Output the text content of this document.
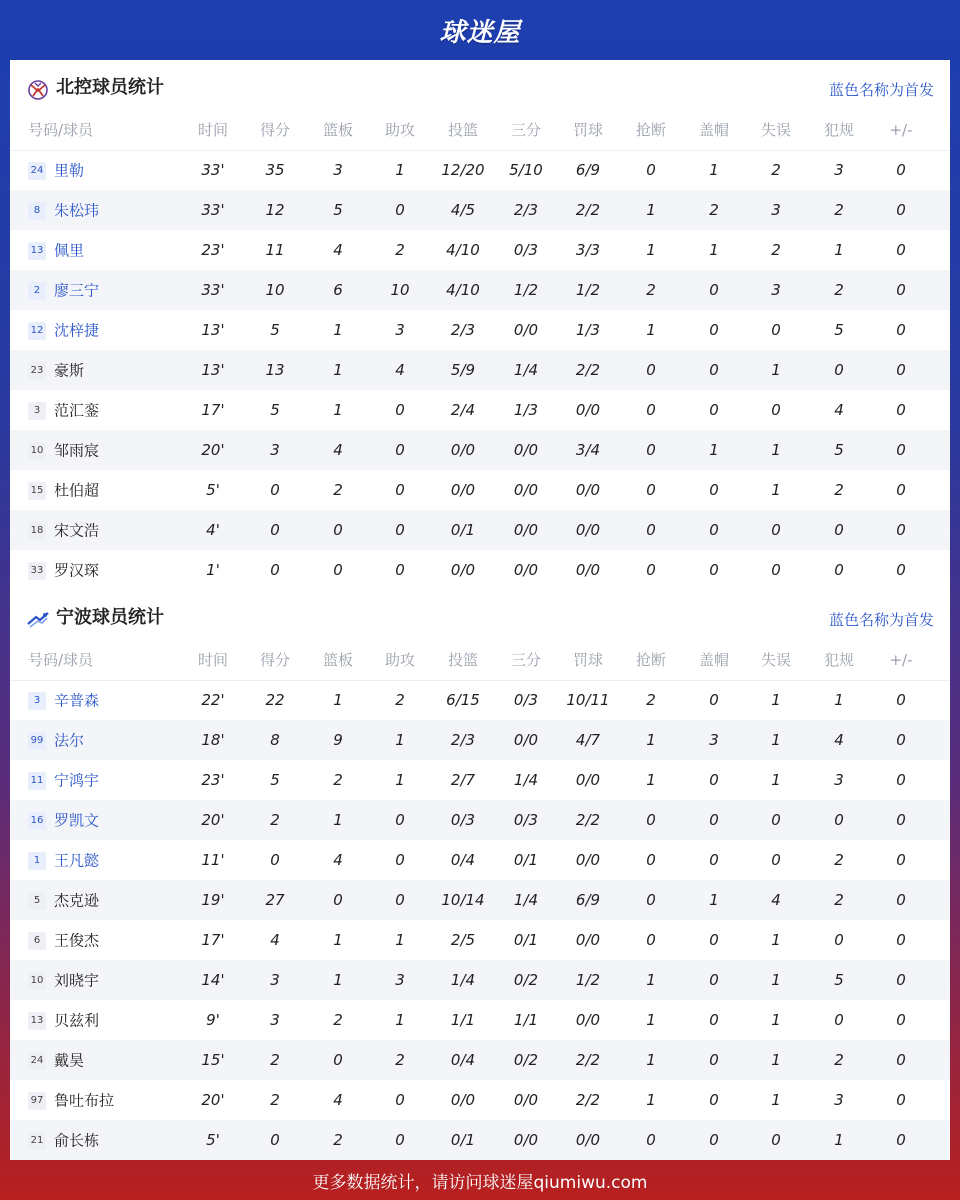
球迷屋
北控球员统计	蓝色名称为首发
号码/球员	时间	得分	篮板	助攻	投篮	三分	罚球	抢断	盖帽	失误	犯规	+/-
24 里勒	33'	35	3	1	12/20	5/10	6/9	0	1	2	3	0
8 朱松玮	33'	12	5	0	4/5	2/3	2/2	1	2	3	2	0
13 佩里	23'	11	4	2	4/10	0/3	3/3	1	1	2	1	0
2 廖三宁	33'	10	6	10	4/10	1/2	1/2	2	0	3	2	0
12 沈梓捷	13'	5	1	3	2/3	0/0	1/3	1	0	0	5	0
23 豪斯	13'	13	1	4	5/9	1/4	2/2	0	0	1	0	0
3 范汇銮	17'	5	1	0	2/4	1/3	0/0	0	0	0	4	0
10 邹雨宸	20'	3	4	0	0/0	0/0	3/4	0	1	1	5	0
15 杜伯超	5'	0	2	0	0/0	0/0	0/0	0	0	1	2	0
18 宋文浩	4'	0	0	0	0/1	0/0	0/0	0	0	0	0	0
33 罗汉琛	1'	0	0	0	0/0	0/0	0/0	0	0	0	0	0
宁波球员统计	蓝色名称为首发
号码/球员	时间	得分	篮板	助攻	投篮	三分	罚球	抢断	盖帽	失误	犯规	+/-
3 辛普森	22'	22	1	2	6/15	0/3	10/11	2	0	1	1	0
99 法尔	18'	8	9	1	2/3	0/0	4/7	1	3	1	4	0
11 宁鸿宇	23'	5	2	1	2/7	1/4	0/0	1	0	1	3	0
16 罗凯文	20'	2	1	0	0/3	0/3	2/2	0	0	0	0	0
1 王凡懿	11'	0	4	0	0/4	0/1	0/0	0	0	0	2	0
5 杰克逊	19'	27	0	0	10/14	1/4	6/9	0	1	4	2	0
6 王俊杰	17'	4	1	1	2/5	0/1	0/0	0	0	1	0	0
10 刘晓宇	14'	3	1	3	1/4	0/2	1/2	1	0	1	5	0
13 贝兹利	9'	3	2	1	1/1	1/1	0/0	1	0	1	0	0
24 戴昊	15'	2	0	2	0/4	0/2	2/2	1	0	1	2	0
97 鲁吐布拉	20'	2	4	0	0/0	0/0	2/2	1	0	1	3	0
21 俞长栋	5'	0	2	0	0/1	0/0	0/0	0	0	0	1	0
更多数据统计，请访问球迷屋qiumiwu.com
